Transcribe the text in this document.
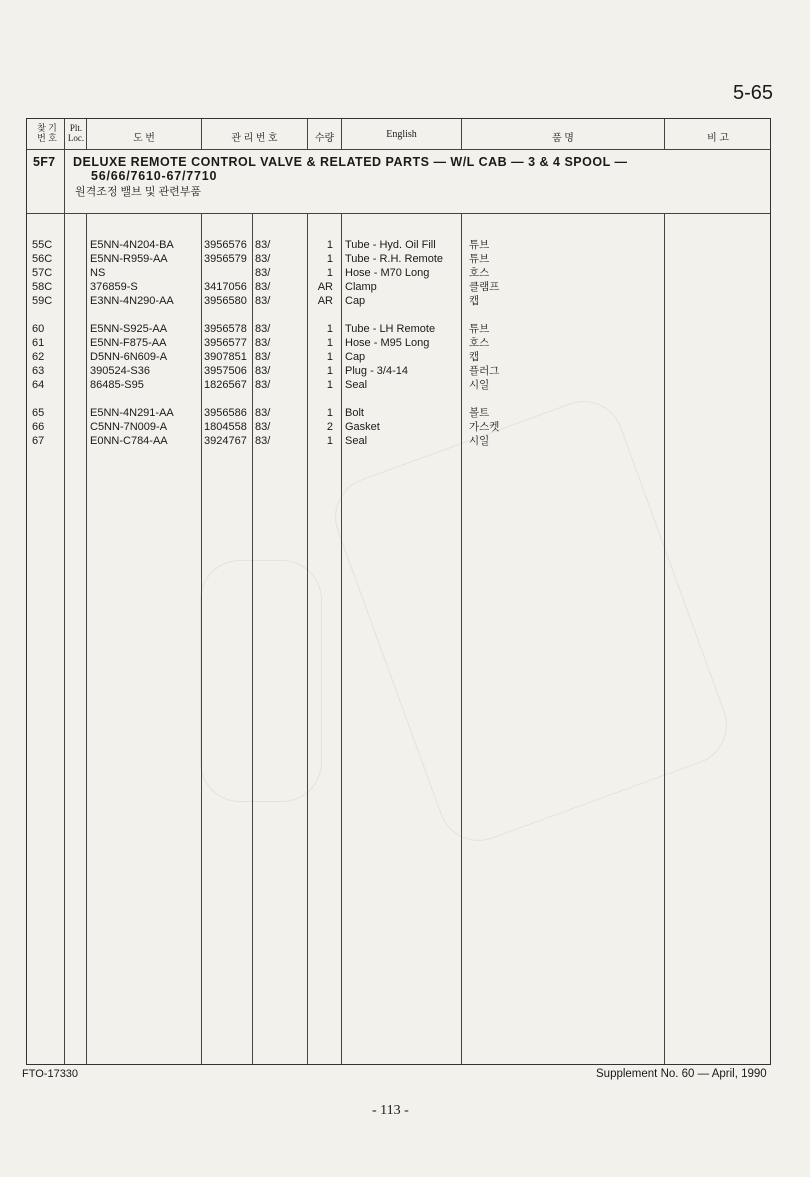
5-65
찾 기
번 호
Plt.
Loc.	도 번	관 리 번 호	수량	English	품 명	비 고
5F7 DELUXE REMOTE CONTROL VALVE & RELATED PARTS — W/L CAB — 3 & 4 SPOOL —
56/66/7610-67/7710
원격조정 밸브 및 관련부품
55C	E5NN-4N204-BA	3956576 83/	1 Tube - Hyd. Oil Fill	튜브
56C	E5NN-R959-AA	3956579 83/	1 Tube - R.H. Remote 튜브
57C	NS	83/	1 Hose - M70 Long	호스
58C	376859-S	3417056 83/	AR Clamp	클램프
59C	E3NN-4N290-AA	3956580 83/	AR Cap	캡
60	E5NN-S925-AA	3956578 83/	1 Tube - LH Remote	튜브
61	E5NN-F875-AA	3956577 83/	1 Hose - M95 Long	호스
62	D5NN-6N609-A	3907851 83/	1 Cap	캡
63	390524-S36	3957506 83/	1 Plug - 3/4-14	플러그
64	86485-S95	1826567 83/	1 Seal	시일
65	E5NN-4N291-AA	3956586 83/	1 Bolt	볼트
66	C5NN-7N009-A	1804558 83/	2 Gasket	가스켓
67	E0NN-C784-AA	3924767 83/	1 Seal	시일
FTO-17330	Supplement No. 60 — April, 1990
- 113 -
